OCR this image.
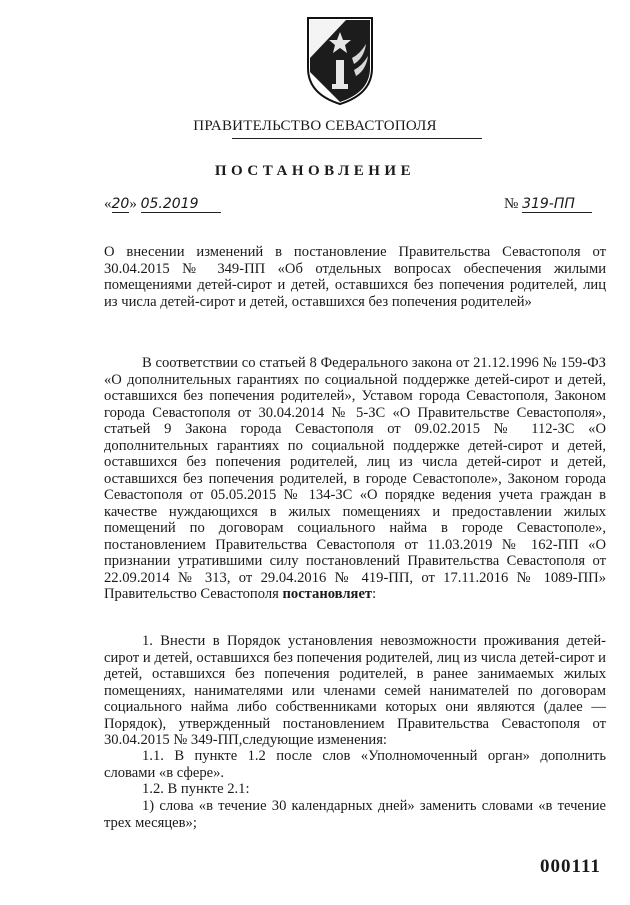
ПРАВИТЕЛЬСТВО СЕВАСТОПОЛЯ
ПОСТАНОВЛЕНИЕ
«20» 05.2019	№ 319-ПП
О внесении изменений в постановление Правительства Севастополя от 30.04.2015 № 349-ПП «Об отдельных вопросах обеспечения жилыми помещениями детей-сирот и детей, оставшихся без попечения родителей, лиц из числа детей-сирот и детей, оставшихся без попечения родителей»
В соответствии со статьей 8 Федерального закона от 21.12.1996 № 159-ФЗ «О дополнительных гарантиях по социальной поддержке детей-сирот и детей, оставшихся без попечения родителей», Уставом города Севастополя, Законом города Севастополя от 30.04.2014 № 5-ЗС «О Правительстве Севастополя», статьей 9 Закона города Севастополя от 09.02.2015 № 112-ЗС «О дополнительных гарантиях по социальной поддержке детей-сирот и детей, оставшихся без попечения родителей, лиц из числа детей-сирот и детей, оставшихся без попечения родителей, в городе Севастополе», Законом города Севастополя от 05.05.2015 № 134-ЗС «О порядке ведения учета граждан в качестве нуждающихся в жилых помещениях и предоставлении жилых помещений по договорам социального найма в городе Севастополе», постановлением Правительства Севастополя от 11.03.2019 № 162-ПП «О признании утратившими силу постановлений Правительства Севастополя от 22.09.2014 № 313, от 29.04.2016 № 419-ПП, от 17.11.2016 № 1089-ПП» Правительство Севастополя постановляет:
1. Внести в Порядок установления невозможности проживания детей-сирот и детей, оставшихся без попечения родителей, лиц из числа детей-сирот и детей, оставшихся без попечения родителей, в ранее занимаемых жилых помещениях, нанимателями или членами семей нанимателей по договорам социального найма либо собственниками которых они являются (далее — Порядок), утвержденный постановлением Правительства Севастополя от 30.04.2015 № 349-ПП,следующие изменения:
1.1. В пункте 1.2 после слов «Уполномоченный орган» дополнить словами «в сфере».
1.2. В пункте 2.1:
1) слова «в течение 30 календарных дней» заменить словами «в течение трех месяцев»;
000111
